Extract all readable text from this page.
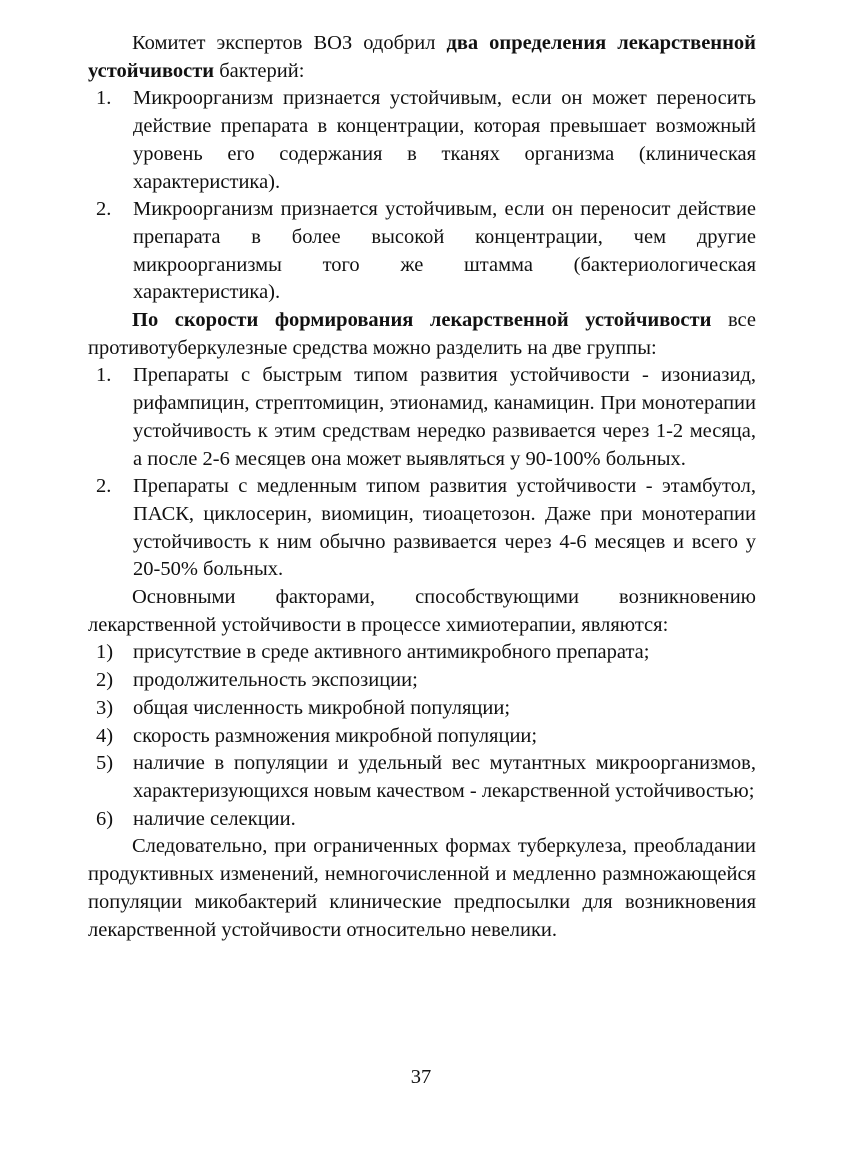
Комитет экспертов ВОЗ одобрил два определения лекарственной устойчивости бактерий:

1. Микроорганизм признается устойчивым, если он может переносить действие препарата в концентрации, которая превышает возможный уровень его содержания в тканях организма (клиническая характеристика).
2. Микроорганизм признается устойчивым, если он переносит действие препарата в более высокой концентрации, чем другие микроорганизмы того же штамма (бактериологическая характеристика).

По скорости формирования лекарственной устойчивости все противотуберкулезные средства можно разделить на две группы:

1. Препараты с быстрым типом развития устойчивости - изониазид, рифампицин, стрептомицин, этионамид, канамицин. При монотерапии устойчивость к этим средствам нередко развивается через 1-2 месяца, а после 2-6 месяцев она может выявляться у 90-100% больных.
2. Препараты с медленным типом развития устойчивости - этамбутол, ПАСК, циклосерин, виомицин, тиоацетозон. Даже при монотерапии устойчивость к ним обычно развивается через 4-6 месяцев и всего у 20-50% больных.

Основными факторами, способствующими возникновению лекарственной устойчивости в процессе химиотерапии, являются:

1) присутствие в среде активного антимикробного препарата;
2) продолжительность экспозиции;
3) общая численность микробной популяции;
4) скорость размножения микробной популяции;
5) наличие в популяции и удельный вес мутантных микроорганизмов, характеризующихся новым качеством - лекарственной устойчивостью;
6) наличие селекции.

Следовательно, при ограниченных формах туберкулеза, преобладании продуктивных изменений, немногочисленной и медленно размножающейся популяции микобактерий клинические предпосылки для возникновения лекарственной устойчивости относительно невелики.

37
